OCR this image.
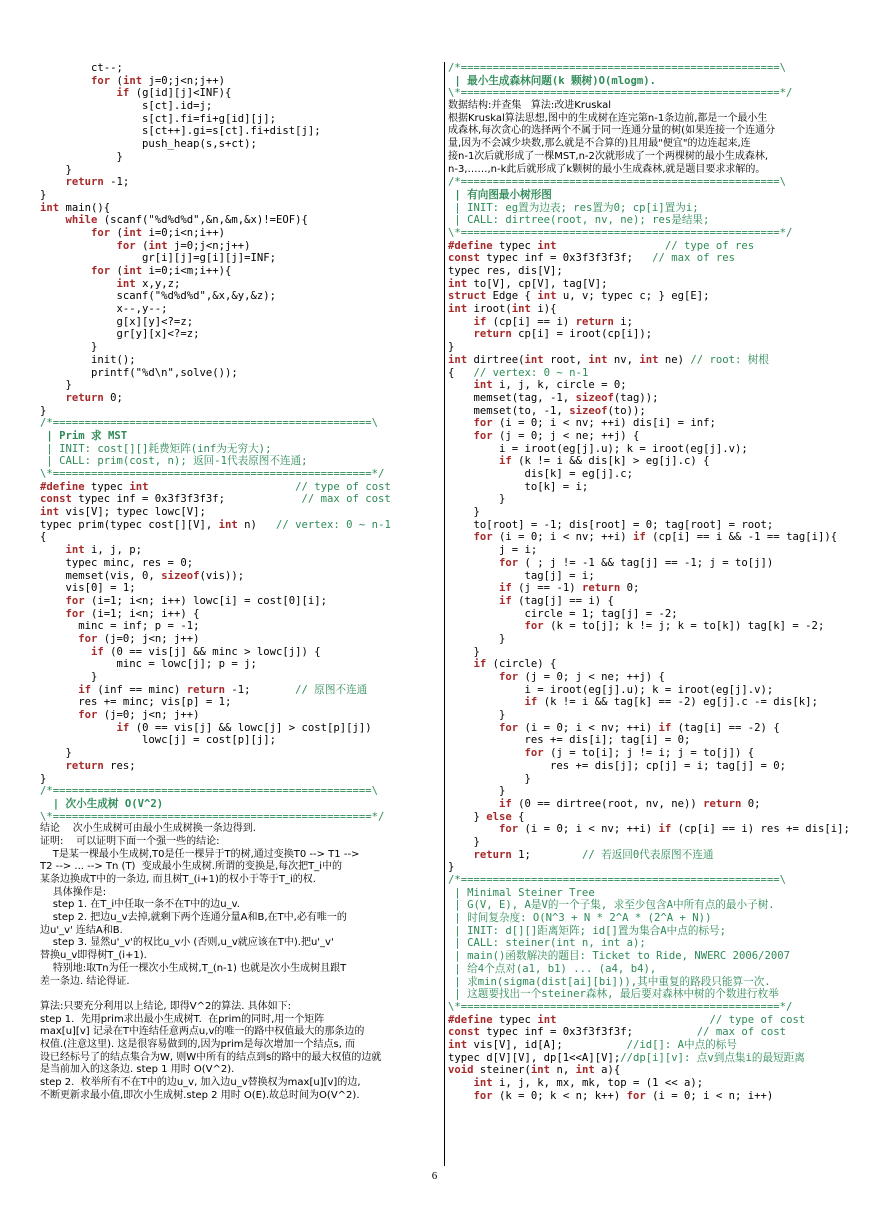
ct--;
for (int j=0;j<n;j++)
if (g[id][j]<INF){
s[ct].id=j;
s[ct].fi=fi+g[id][j];
s[ct++].gi=s[ct].fi+dist[j];
push_heap(s,s+ct);
}
}
return -1;
}
int main(){
while (scanf("%d%d%d",&n,&m,&x)!=EOF){
for (int i=0;i<n;i++)
for (int j=0;j<n;j++)
gr[i][j]=g[i][j]=INF;
for (int i=0;i<m;i++){
int x,y,z;
scanf("%d%d%d",&x,&y,&z);
x--,y--;
g[x][y]<?=z;
gr[y][x]<?=z;
}
init();
printf("%d\n",solve());
}
return 0;
}
/*==================================================\
| Prim 求 MST
| INIT: cost[][]耗费矩阵(inf为无穷大);
| CALL: prim(cost, n); 返回-1代表原图不连通;
\*==================================================*/
#define typec int	// type of cost
const typec inf = 0x3f3f3f3f;            // max of cost
int vis[V]; typec lowc[V];
typec prim(typec cost[][V], int n)   // vertex: 0 ~ n-1
{
int i, j, p;
typec minc, res = 0;
memset(vis, 0, sizeof(vis));
vis[0] = 1;
for (i=1; i<n; i++) lowc[i] = cost[0][i];
for (i=1; i<n; i++) {
minc = inf; p = -1;
for (j=0; j<n; j++)
if (0 == vis[j] && minc > lowc[j]) {
minc = lowc[j]; p = j;
}
if (inf == minc) return -1;       // 原图不连通
res += minc; vis[p] = 1;
for (j=0; j<n; j++)
if (0 == vis[j] && lowc[j] > cost[p][j])
lowc[j] = cost[p][j];
}
return res;
}
/*==================================================\
| 次小生成树 O(V^2)
\*==================================================*/
结论    次小生成树可由最小生成树换一条边得到.
证明:    可以证明下面一个强一些的结论:
T是某一棵最小生成树,T0是任一棵异于T的树,通过变换T0 --> T1 -->
T2 --> ... --> Tn (T)  变成最小生成树.所谓的变换是,每次把T_i中的
某条边换成T中的一条边, 而且树T_(i+1)的权小于等于T_i的权.
具体操作是:
step 1. 在T_i中任取一条不在T中的边u_v.
step 2. 把边u_v去掉,就剩下两个连通分量A和B,在T中,必有唯一的
边u'_v' 连结A和B.
step 3. 显然u'_v'的权比u_v小 (否则,u_v就应该在T中).把u'_v'
替换u_v即得树T_(i+1).
特别地:取Tn为任一棵次小生成树,T_(n-1) 也就是次小生成树且跟T
差一条边. 结论得证.
算法:只要充分利用以上结论, 即得V^2的算法. 具体如下:
step 1.  先用prim求出最小生成树T.  在prim的同时,用一个矩阵
max[u][v] 记录在T中连结任意两点u,v的唯一的路中权值最大的那条边的
权值.(注意这里). 这是很容易做到的,因为prim是每次增加一个结点s, 而
设已经标号了的结点集合为W, 则W中所有的结点到s的路中的最大权值的边就
是当前加入的这条边. step 1 用时 O(V^2).
step 2.  枚举所有不在T中的边u_v, 加入边u_v替换权为max[u][v]的边,
不断更新求最小值,即次小生成树.step 2 用时 O(E).故总时间为O(V^2).
/*==================================================\
| 最小生成森林问题(k 颗树)O(mlogm).
\*==================================================*/
数据结构:并查集   算法:改进Kruskal
根据Kruskal算法思想,图中的生成树在连完第n-1条边前,都是一个最小生
成森林,每次贪心的选择两个不属于同一连通分量的树(如果连接一个连通分
量,因为不会减少块数,那么就是不合算的)且用最"便宜"的边连起来,连
接n-1次后就形成了一棵MST,n-2次就形成了一个两棵树的最小生成森林,
n-3,……,n-k此后就形成了k颗树的最小生成森林,就是题目要求求解的。
/*==================================================\
| 有向图最小树形图
| INIT: eg置为边表; res置为0; cp[i]置为i;
| CALL: dirtree(root, nv, ne); res是结果;
\*==================================================*/
#define typec int	// type of res
const typec inf = 0x3f3f3f3f;   // max of res
typec res, dis[V];
int to[V], cp[V], tag[V];
struct Edge { int u, v; typec c; } eg[E];
int iroot(int i){
if (cp[i] == i) return i;
return cp[i] = iroot(cp[i]);
}
int dirtree(int root, int nv, int ne) // root: 树根
{   // vertex: 0 ~ n-1
int i, j, k, circle = 0;
memset(tag, -1, sizeof(tag));
memset(to, -1, sizeof(to));
for (i = 0; i < nv; ++i) dis[i] = inf;
for (j = 0; j < ne; ++j) {
i = iroot(eg[j].u); k = iroot(eg[j].v);
if (k != i && dis[k] > eg[j].c) {
dis[k] = eg[j].c;
to[k] = i;
}
}
to[root] = -1; dis[root] = 0; tag[root] = root;
for (i = 0; i < nv; ++i) if (cp[i] == i && -1 == tag[i]){
j = i;
for ( ; j != -1 && tag[j] == -1; j = to[j])
tag[j] = i;
if (j == -1) return 0;
if (tag[j] == i) {
circle = 1; tag[j] = -2;
for (k = to[j]; k != j; k = to[k]) tag[k] = -2;
}
}
if (circle) {
for (j = 0; j < ne; ++j) {
i = iroot(eg[j].u); k = iroot(eg[j].v);
if (k != i && tag[k] == -2) eg[j].c -= dis[k];
}
for (i = 0; i < nv; ++i) if (tag[i] == -2) {
res += dis[i]; tag[i] = 0;
for (j = to[i]; j != i; j = to[j]) {
res += dis[j]; cp[j] = i; tag[j] = 0;
}
}
if (0 == dirtree(root, nv, ne)) return 0;
} else {
for (i = 0; i < nv; ++i) if (cp[i] == i) res += dis[i];
}
return 1;        // 若返回0代表原图不连通
}
/*==================================================\
| Minimal Steiner Tree
| G(V, E), A是V的一个子集, 求至少包含A中所有点的最小子树.
| 时间复杂度: O(N^3 + N * 2^A * (2^A + N))
| INIT: d[][]距离矩阵; id[]置为集合A中点的标号;
| CALL: steiner(int n, int a);
| main()函数解决的题目: Ticket to Ride, NWERC 2006/2007
| 给4个点对(a1, b1) ... (a4, b4),
| 求min(sigma(dist[ai][bi])),其中重复的路段只能算一次.
| 这题要找出一个steiner森林, 最后要对森林中树的个数进行枚举
\*==================================================*/
#define typec int	// type of cost
const typec inf = 0x3f3f3f3f;          // max of cost
int vis[V], id[A];          //id[]: A中点的标号
typec d[V][V], dp[1<<A][V];//dp[i][v]: 点v到点集i的最短距离
void steiner(int n, int a){
int i, j, k, mx, mk, top = (1 << a);
for (k = 0; k < n; k++) for (i = 0; i < n; i++)
6
